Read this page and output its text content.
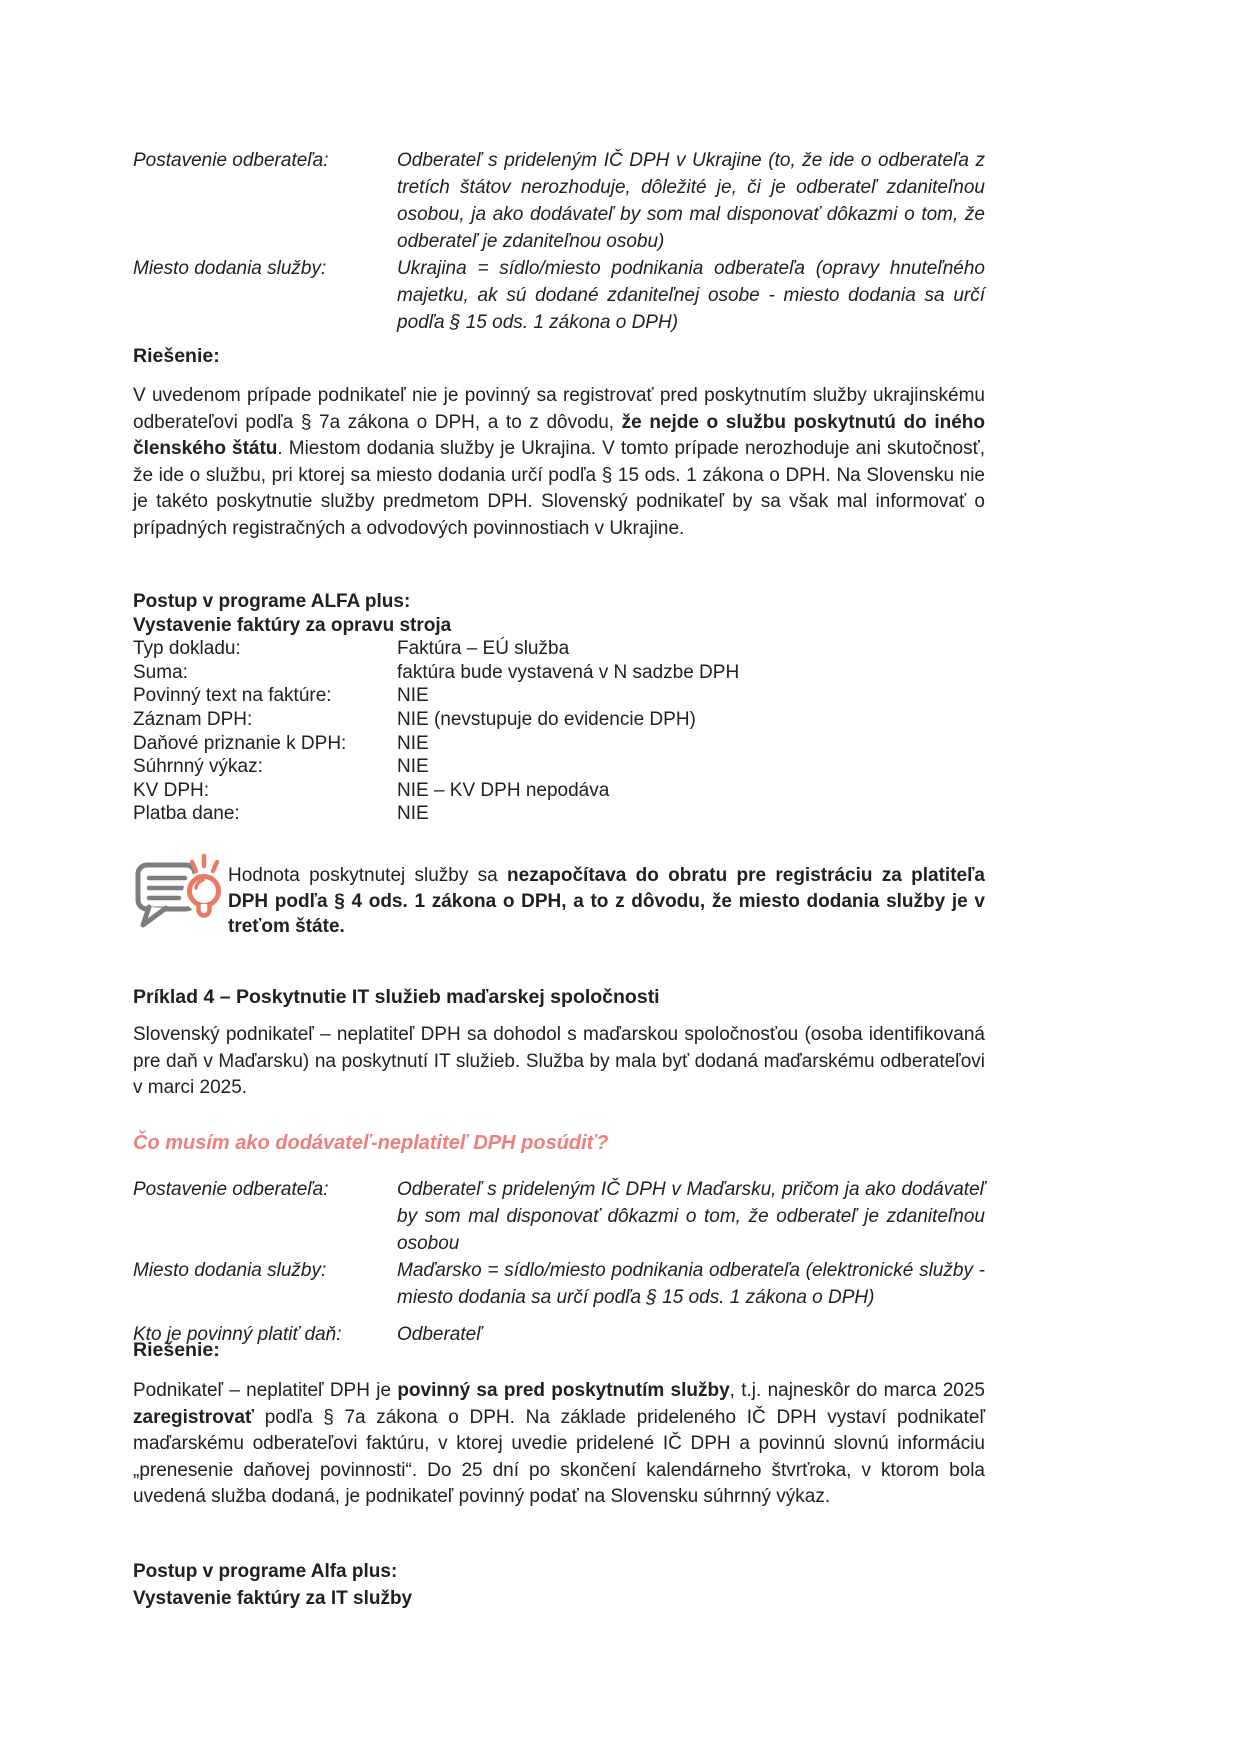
Postavenie odberateľa:	Odberateľ s prideleným IČ DPH v Ukrajine (to, že ide o odberateľa z tretích štátov nerozhoduje, dôležité je, či je odberateľ zdaniteľnou osobou, ja ako dodávateľ by som mal disponovať dôkazmi o tom, že odberateľ je zdaniteľnou osobu)
Miesto dodania služby:	Ukrajina = sídlo/miesto podnikania odberateľa (opravy hnuteľného majetku, ak sú dodané zdaniteľnej osobe - miesto dodania sa určí podľa § 15 ods. 1 zákona o DPH)
Riešenie:
V uvedenom prípade podnikateľ nie je povinný sa registrovať pred poskytnutím služby ukrajinskému odberateľovi podľa § 7a zákona o DPH, a to z dôvodu, že nejde o službu poskytnutú do iného členského štátu. Miestom dodania služby je Ukrajina. V tomto prípade nerozhoduje ani skutočnosť, že ide o službu, pri ktorej sa miesto dodania určí podľa § 15 ods. 1 zákona o DPH. Na Slovensku nie je takéto poskytnutie služby predmetom DPH. Slovenský podnikateľ by sa však mal informovať o prípadných registračných a odvodových povinnostiach v Ukrajine.
Postup v programe ALFA plus:
Vystavenie faktúry za opravu stroja
Typ dokladu:	Faktúra – EÚ služba
Suma:	faktúra bude vystavená v N sadzbe DPH
Povinný text na faktúre:	NIE
Záznam DPH:	NIE (nevstupuje do evidencie DPH)
Daňové priznanie k DPH:	NIE
Súhrnný výkaz:	NIE
KV DPH:	NIE – KV DPH nepodáva
Platba dane:	NIE
Hodnota poskytnutej služby sa nezapočítava do obratu pre registráciu za platiteľa DPH podľa § 4 ods. 1 zákona o DPH, a to z dôvodu, že miesto dodania služby je v treťom štáte.
Príklad 4 – Poskytnutie IT služieb maďarskej spoločnosti
Slovenský podnikateľ – neplatiteľ DPH sa dohodol s maďarskou spoločnosťou (osoba identifikovaná pre daň v Maďarsku) na poskytnutí IT služieb. Služba by mala byť dodaná maďarskému odberateľovi v marci 2025.
Čo musím ako dodávateľ-neplatiteľ DPH posúdiť?
Postavenie odberateľa:	Odberateľ s prideleným IČ DPH v Maďarsku, pričom ja ako dodávateľ by som mal disponovať dôkazmi o tom, že odberateľ je zdaniteľnou osobou
Miesto dodania služby:	Maďarsko = sídlo/miesto podnikania odberateľa (elektronické služby - miesto dodania sa určí podľa § 15 ods. 1 zákona o DPH)
Kto je povinný platiť daň:	Odberateľ
Riešenie:
Podnikateľ – neplatiteľ DPH je povinný sa pred poskytnutím služby, t.j. najneskôr do marca 2025 zaregistrovať podľa § 7a zákona o DPH. Na základe prideleného IČ DPH vystaví podnikateľ maďarskému odberateľovi faktúru, v ktorej uvedie pridelené IČ DPH a povinnú slovnú informáciu „prenesenie daňovej povinnosti“. Do 25 dní po skončení kalendárneho štvrťroka, v ktorom bola uvedená služba dodaná, je podnikateľ povinný podať na Slovensku súhrnný výkaz.
Postup v programe Alfa plus:
Vystavenie faktúry za IT služby
